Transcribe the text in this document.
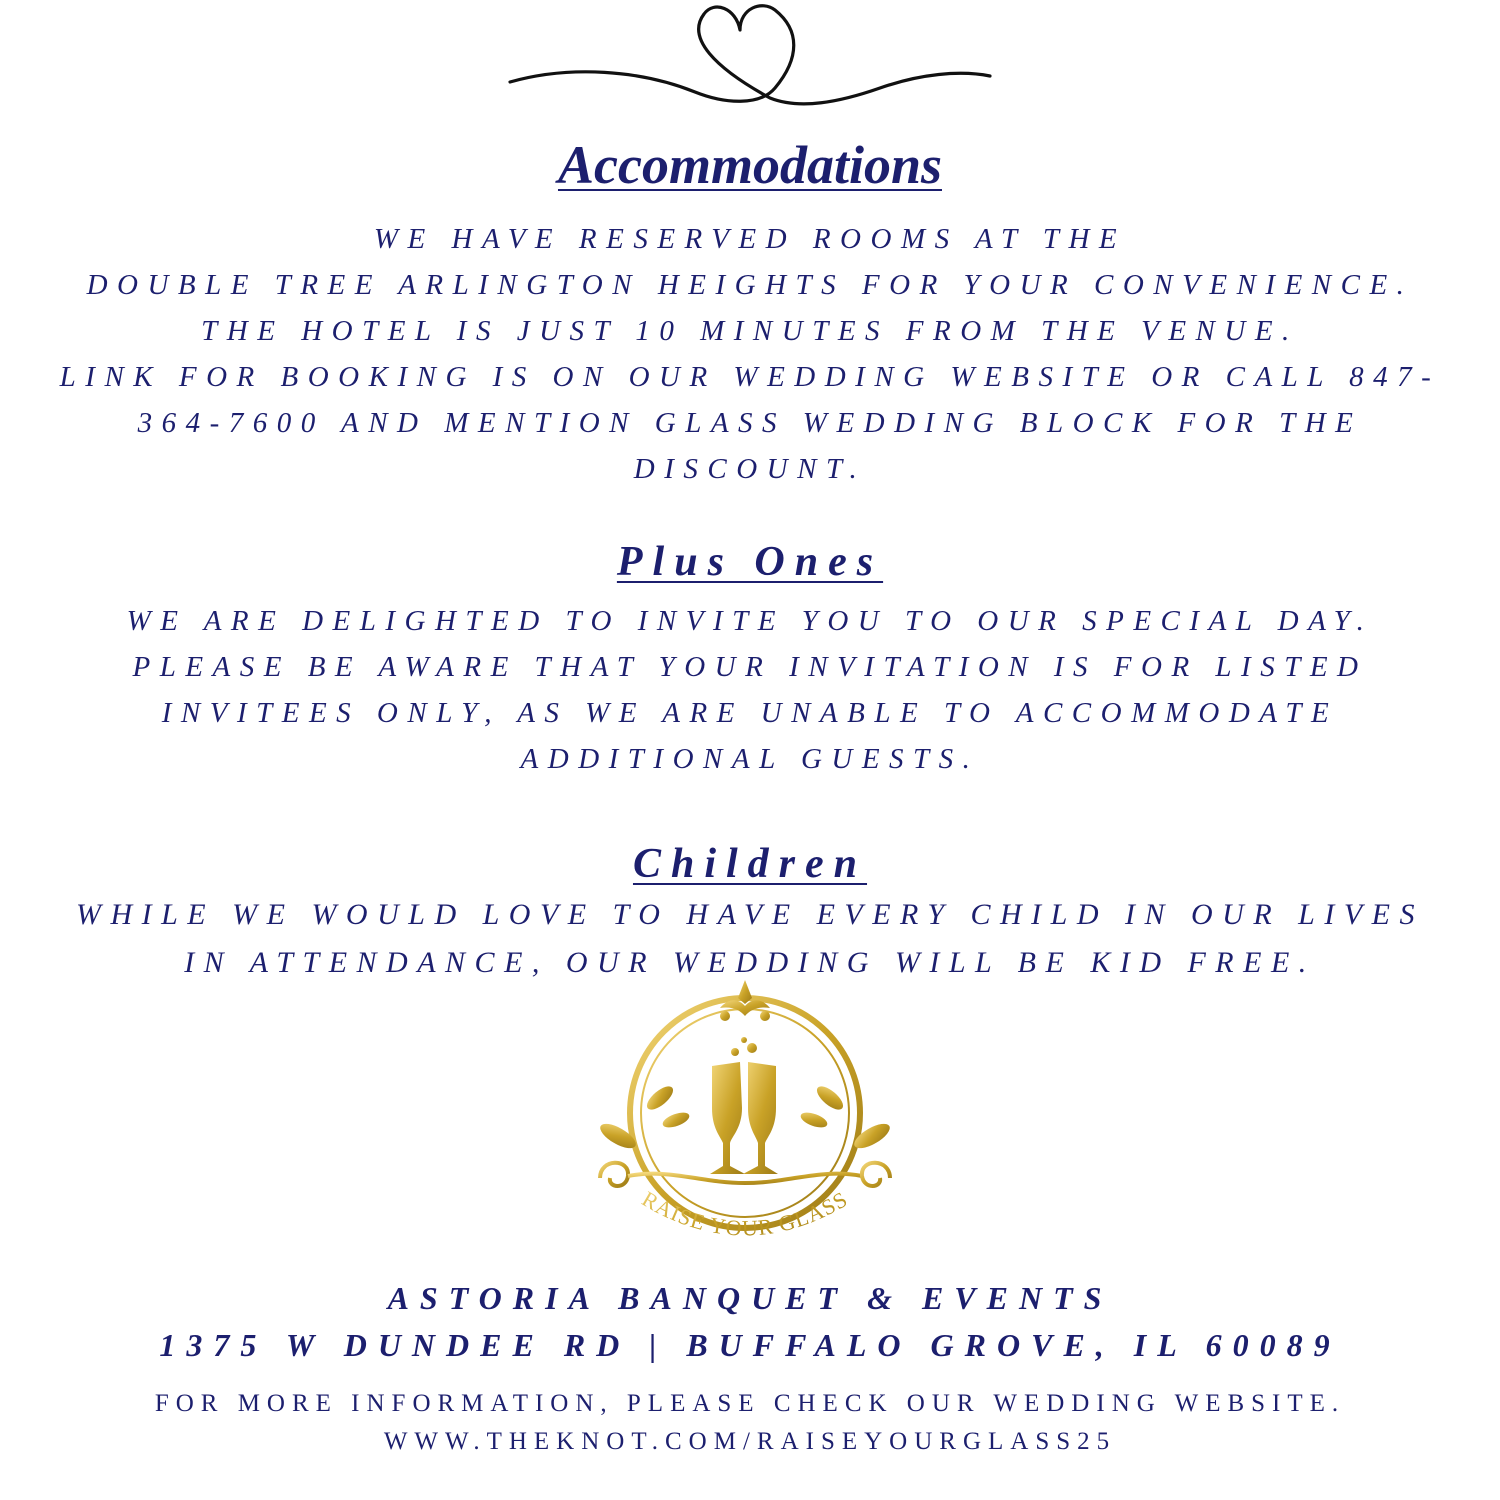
Accommodations
WE HAVE RESERVED ROOMS AT THE
DOUBLE TREE ARLINGTON HEIGHTS FOR YOUR CONVENIENCE.
THE HOTEL IS JUST 10 MINUTES FROM THE VENUE.
LINK FOR BOOKING IS ON OUR WEDDING WEBSITE OR CALL 847-
364-7600 AND MENTION GLASS WEDDING BLOCK FOR THE
DISCOUNT.
Plus Ones
WE ARE DELIGHTED TO INVITE YOU TO OUR SPECIAL DAY.
PLEASE BE AWARE THAT YOUR INVITATION IS FOR LISTED
INVITEES ONLY, AS WE ARE UNABLE TO ACCOMMODATE
ADDITIONAL GUESTS.
Children
WHILE WE WOULD LOVE TO HAVE EVERY CHILD IN OUR LIVES
IN ATTENDANCE, OUR WEDDING WILL BE KID FREE.
RAISE YOUR GLASS
ASTORIA BANQUET & EVENTS
1375 W DUNDEE RD | BUFFALO GROVE, IL 60089
FOR MORE INFORMATION, PLEASE CHECK OUR WEDDING WEBSITE.
WWW.THEKNOT.COM/RAISEYOURGLASS25
